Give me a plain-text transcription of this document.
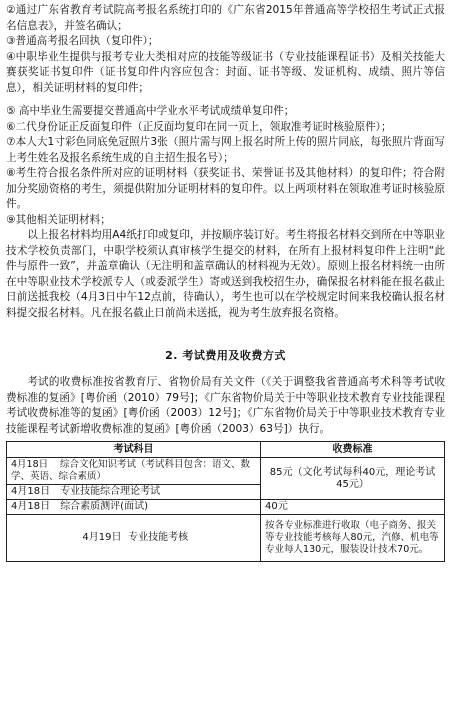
②通过广东省教育考试院高考报名系统打印的《广东省2015年普通高等学校招生考试正式报名信息表》，并签名确认；

③普通高考报名回执（复印件）；

④中职毕业生提供与报考专业大类相对应的技能等级证书（专业技能课程证书）及相关技能大赛获奖证书复印件（证书复印件内容应包含：封面、证书等级、发证机构、成绩、照片等信息），相关证明材料的复印件；

⑤ 高中毕业生需要提交普通高中学业水平考试成绩单复印件；

⑥二代身份证正反面复印件（正反面均复印在同一页上，领取准考证时核验原件）；

⑦本人大1寸彩色同底免冠照片3张（照片需与网上报名时所上传的照片同底，每张照片背面写上考生姓名及报名系统生成的自主招生报名号）；

⑧考生符合报名条件所对应的证明材料（获奖证书、荣誉证书及其他材料）的复印件；符合附加分奖励资格的考生，须提供附加分证明材料的复印件。以上两项材料在领取准考证时核验原件。

⑨其他相关证明材料；

以上报名材料均用A4纸打印或复印，并按顺序装订好。考生将报名材料交到所在中等职业技术学校负责部门，中职学校须认真审核学生提交的材料，在所有上报材料复印件上注明“此件与原件一致”，并盖章确认（无注明和盖章确认的材料视为无效）。原则上报名材料统一由所在中等职业技术学校派专人（或委派学生）寄或送到我校招生办，确保报名材料能在报名截止日前送抵我校（4月3日中午12点前，待确认），考生也可以在学校规定时间来我校确认报名材料提交报名材料。凡在报名截止日前尚未送抵，视为考生放弃报名资格。

2. 考试费用及收费方式

考试的收费标准按省教育厅、省物价局有关文件（《关于调整我省普通高考术科等考试收费标准的复函》[粤价函（2010）79号]；《广东省物价局关于中等职业技术教育专业技能课程考试收费标准等的复函》[粤价函（2003）12号]；《广东省物价局关于中等职业技术教育专业技能课程考试新增收费标准的复函》[粤价函（2003）63号]）执行。

考试科目	收费标准
4月18日 综合文化知识考试（考试科目包含：语文、数学、英语、综合素质）	85元（文化考试每科40元，理论考试45元）
4月18日 专业技能综合理论考试	
4月18日 综合素质测评(面试)	40元
4月19日 专业技能考核	按各专业标准进行收取（电子商务、报关等专业技能考核每人80元，汽修、机电等专业每人130元，服装设计技术70元。
